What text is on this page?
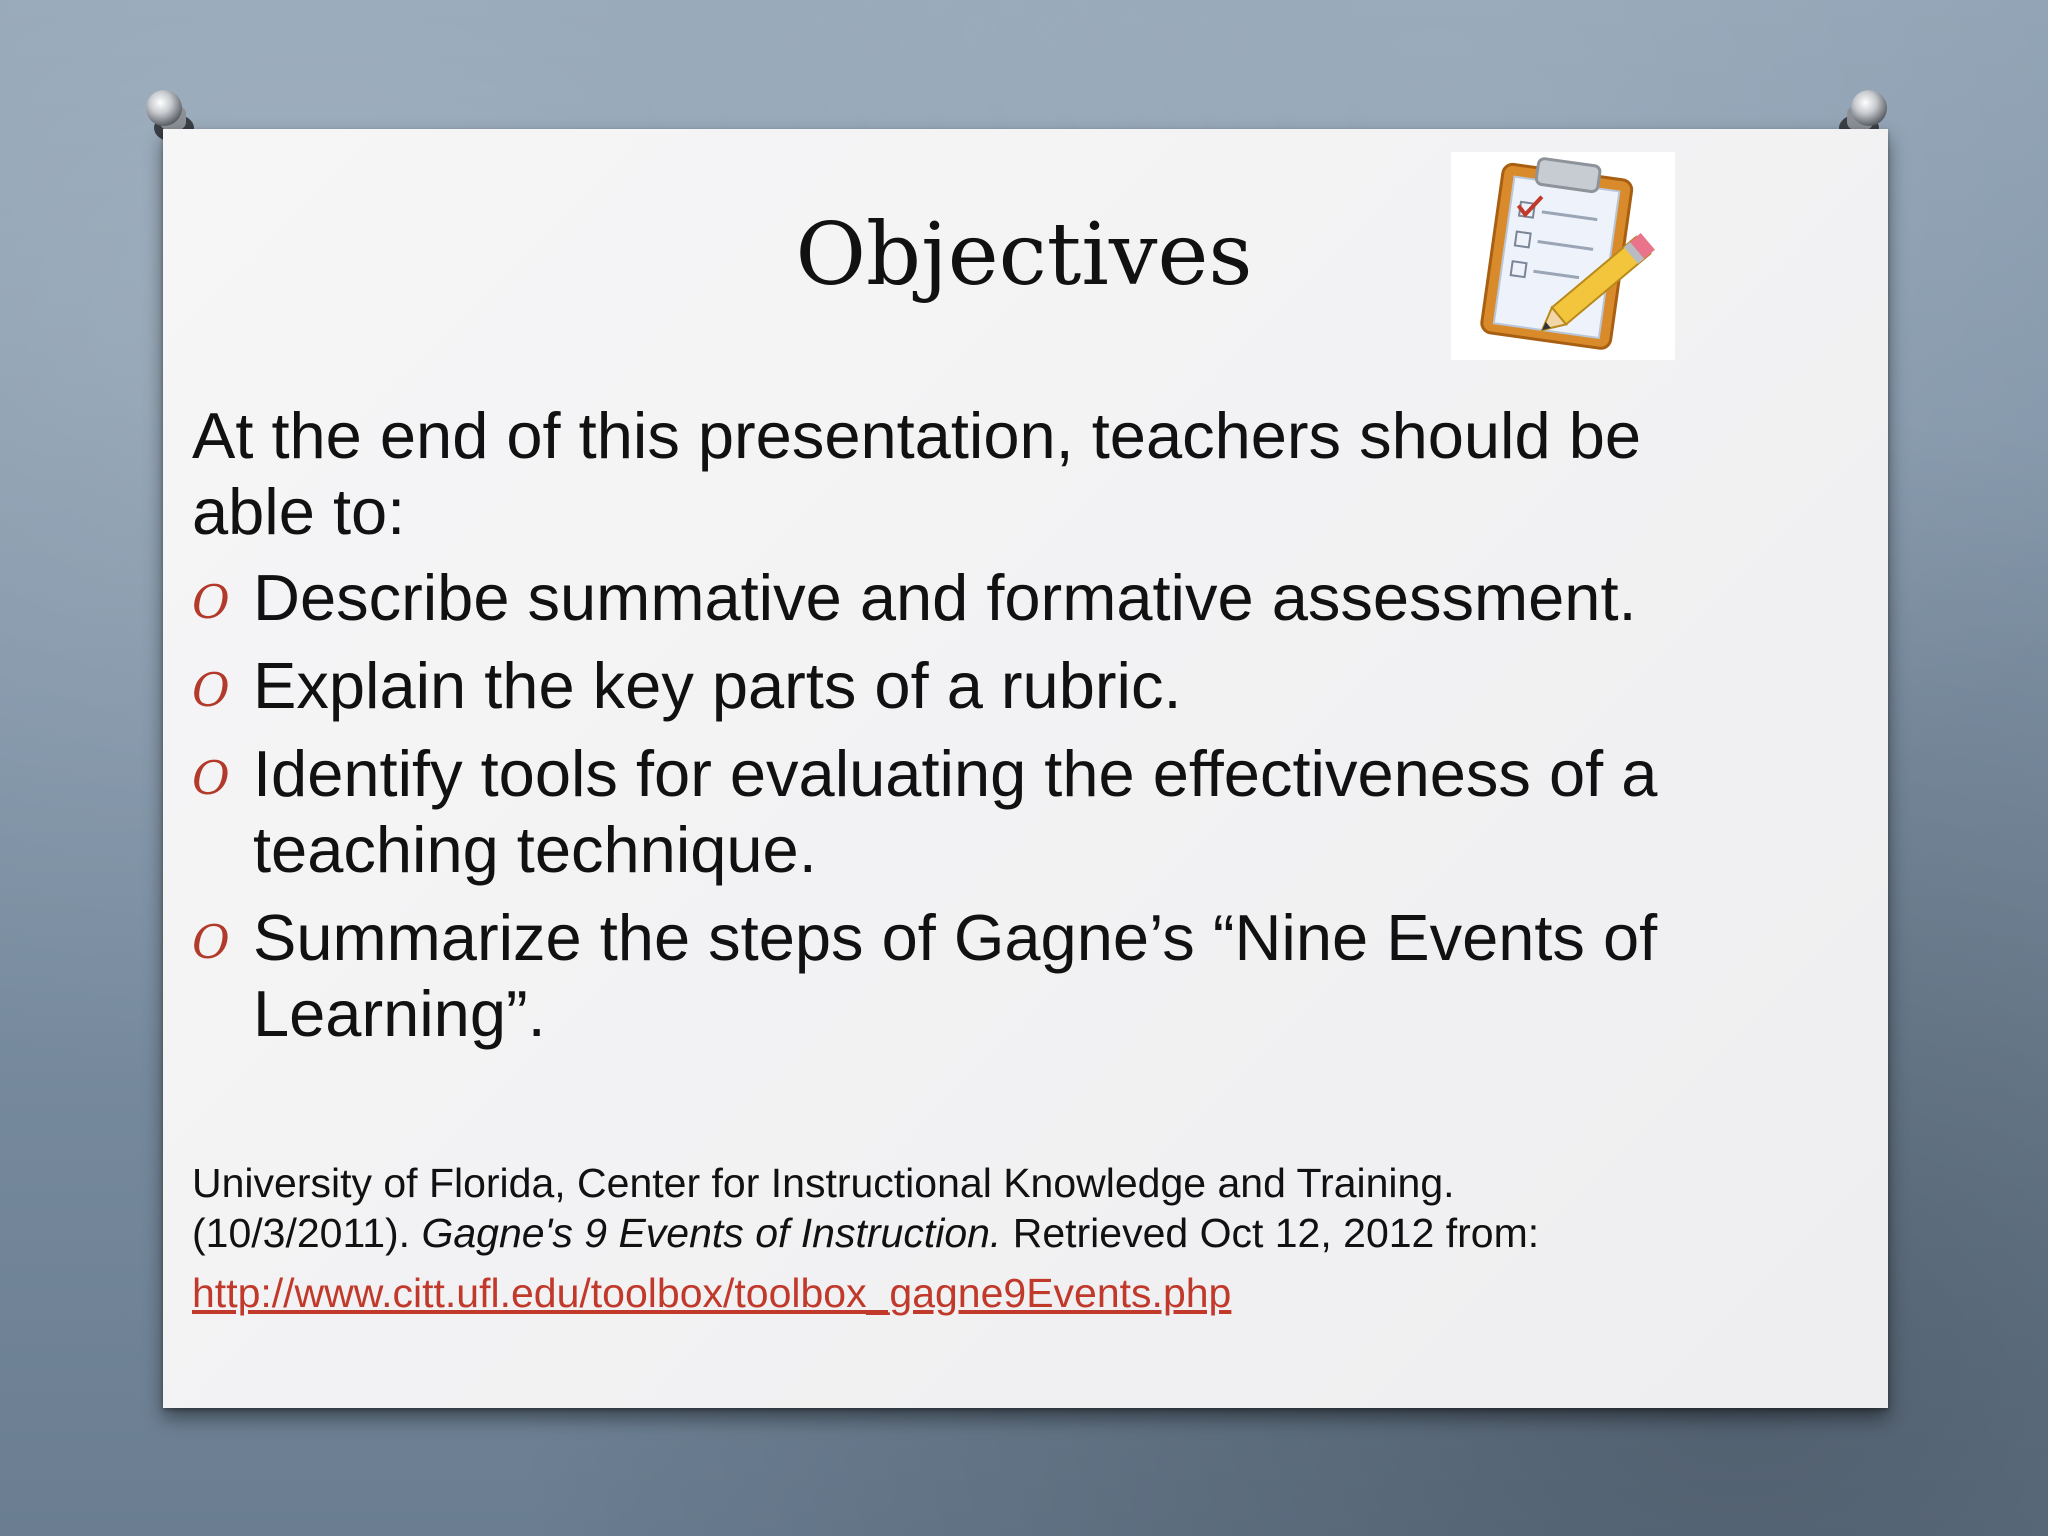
Objectives
At the end of this presentation, teachers should be
able to:
O Describe summative and formative assessment.
O Explain the key parts of a rubric.
O Identify tools for evaluating the effectiveness of a
teaching technique.
O Summarize the steps of Gagne’s “Nine Events of
Learning”.
University of Florida, Center for Instructional Knowledge and Training.
(10/3/2011). Gagne's 9 Events of Instruction. Retrieved Oct 12, 2012 from:
http://www.citt.ufl.edu/toolbox/toolbox_gagne9Events.php
